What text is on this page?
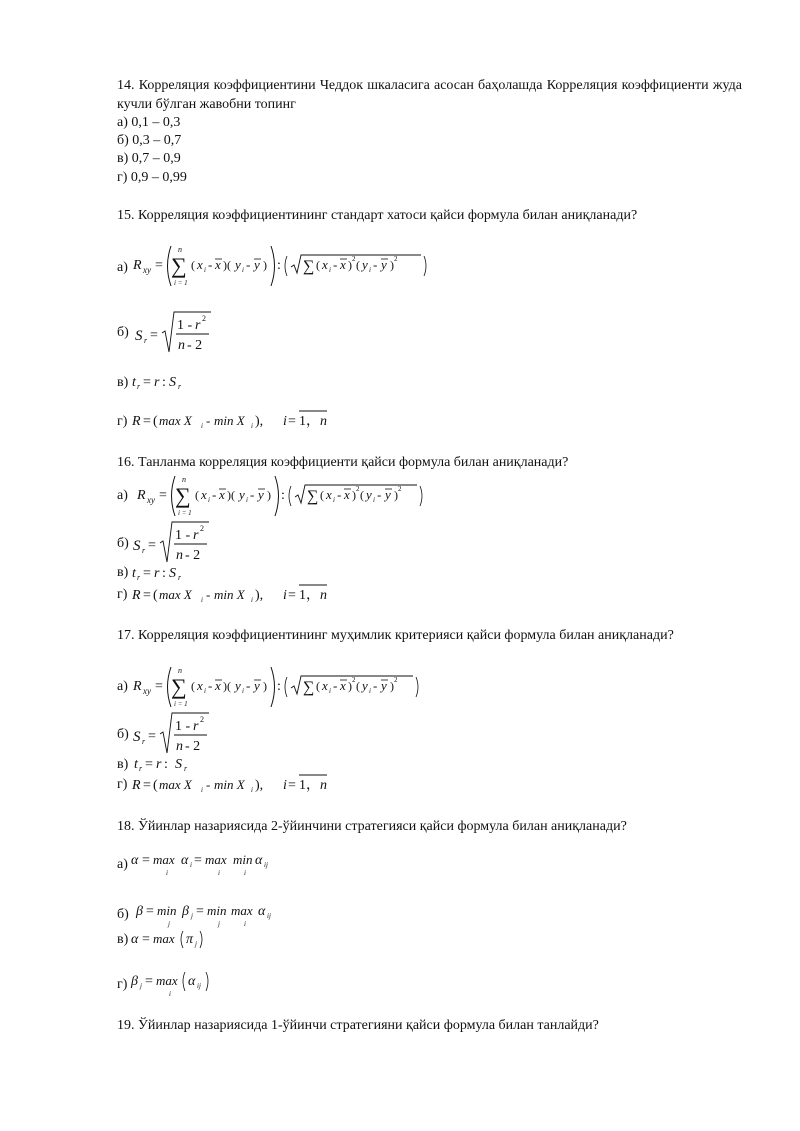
14. Корреляция коэффициентини Чеддок шкаласига асосан баҳолашда Корреляция коэффициенти жуда кучли бўлган жавобни топинг

а) 0,1 – 0,3
б) 0,3 – 0,7
в) 0,7 – 0,9
г) 0,9 – 0,99

15. Корреляция коэффициентининг стандарт хатоси қайси формула билан аниқланади?

а) R xy =
n
∑
i = 1
( x i - x )( y i - y ) : ∑ ( x i - x ) 2 ( y i - y ) 2
б) S r =
1 - r 2
n - 2
в) t r = r : S r
г) R = ( max X i - min X i ), i = 1， n

16. Танланма корреляция коэффициенти қайси формула билан аниқланади?

а) R xy =
n
∑
i = 1
( x i - x )( y i - y ) : ∑ ( x i - x ) 2 ( y i - y ) 2
б) S r =
1 - r 2
n - 2
в) t r = r : S r
г) R = ( max X i - min X i ), i = 1， n

17. Корреляция коэффициентининг муҳимлик критерияси қайси формула билан аниқланади?

а) R xy =
n
∑
i = 1
( x i - x )( y i - y ) : ∑ ( x i - x ) 2 ( y i - y ) 2
б) S r =
1 - r 2
n - 2
в) t r = r : S r
г) R = ( max X i - min X i ), i = 1， n

18. Ўйинлар назариясида 2-ўйинчини стратегияси қайси формула билан аниқланади?

а) α = max
i
α i = max
i
min
i
α ij
б) β = min
j
β j = min
j
max
i
α ij
в) α = max π j
г) β j = max
i
α ij

19. Ўйинлар назариясида 1-ўйинчи стратегияни қайси формула билан танлайди?
